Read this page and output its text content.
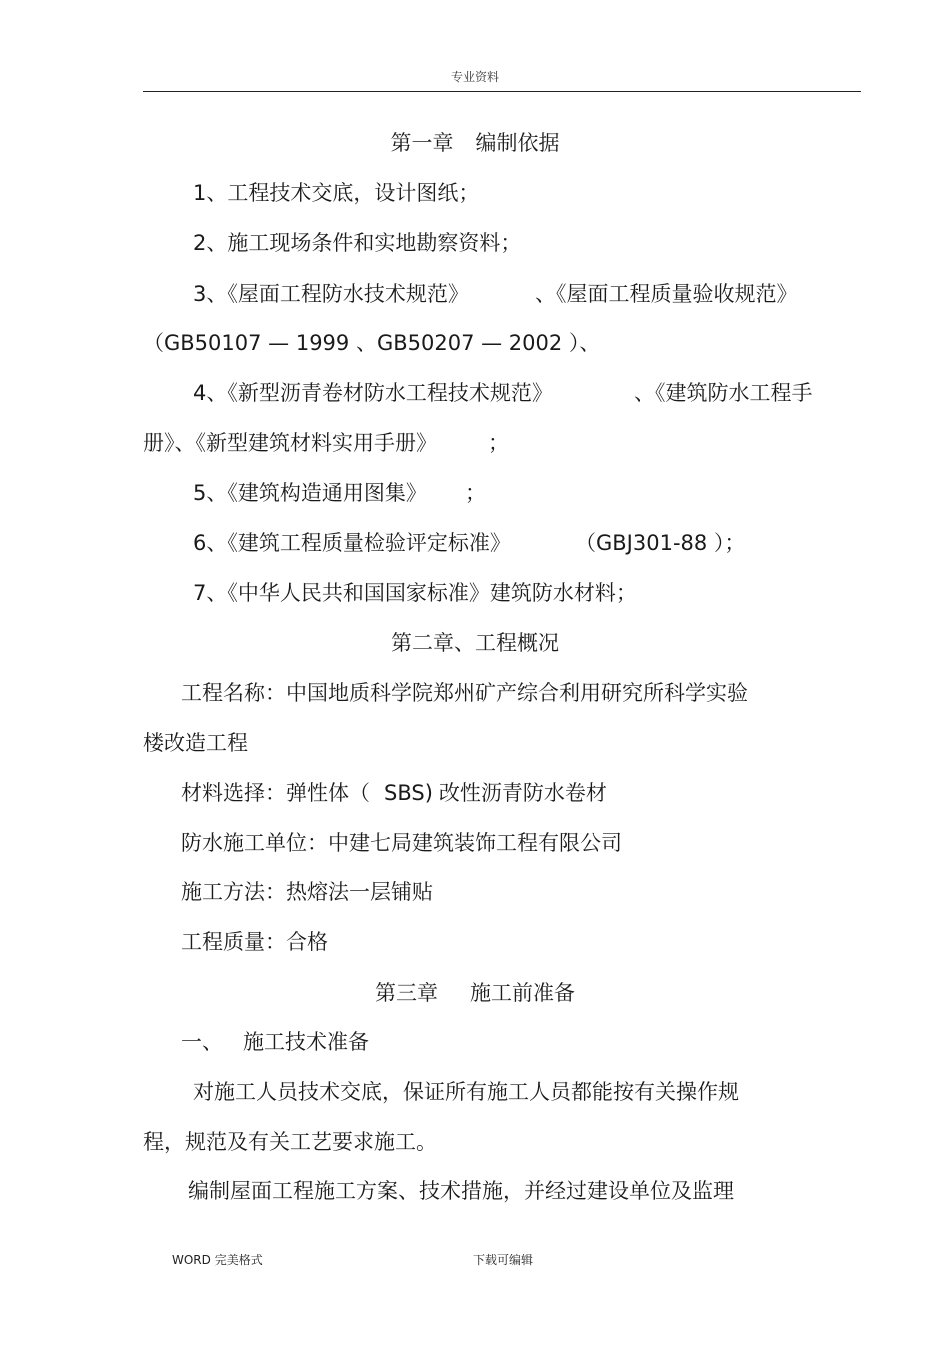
专业资料
第一章 编制依据
1、工程技术交底，设计图纸；
2、施工现场条件和实地勘察资料；
3、《屋面工程防水技术规范》	、《屋面工程质量验收规范》
（GB50107 — 1999 、GB50207 — 2002 ）、
4、《新型沥青卷材防水工程技术规范》	、《建筑防水工程手
册》、《新型建筑材料实用手册》 ；
5、《建筑构造通用图集》 ；
6、《建筑工程质量检验评定标准》	（GBJ301-88 ）；
7、《中华人民共和国国家标准》建筑防水材料；
第二章、工程概况
工程名称：中国地质科学院郑州矿产综合利用研究所科学实验
楼改造工程
材料选择：弹性体（ SBS) 改性沥青防水卷材
防水施工单位：中建七局建筑装饰工程有限公司
施工方法：热熔法一层铺贴
工程质量：合格
第三章 施工前准备
一、 施工技术准备
对施工人员技术交底，保证所有施工人员都能按有关操作规
程，规范及有关工艺要求施工。
编制屋面工程施工方案、技术措施，并经过建设单位及监理
WORD 完美格式	下载可编辑
